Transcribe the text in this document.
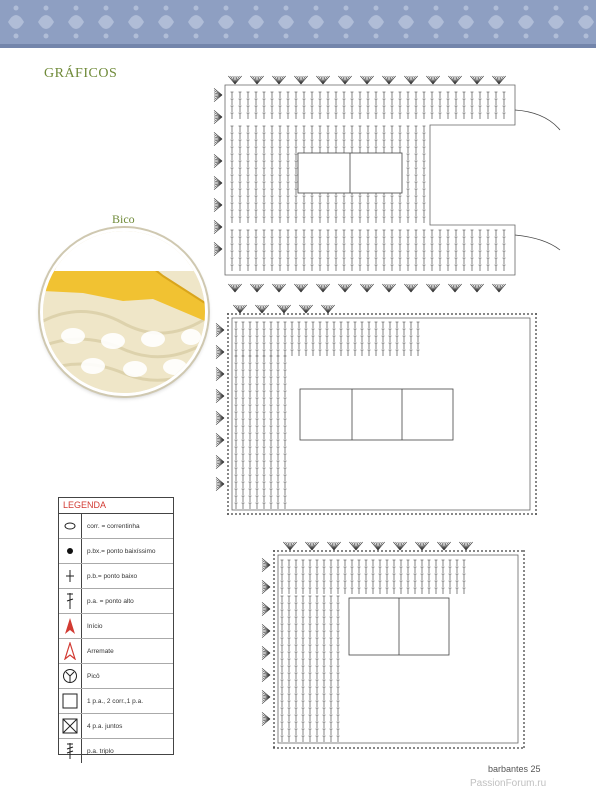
GRÁFICOS
Bico
LEGENDA
corr. = correntinha
p.bx.= ponto baixíssimo
p.b.= ponto baixo
p.a. = ponto alto
Início
Arremate
Picô
1 p.a., 2 corr.,1 p.a.
4 p.a. juntos
p.a. triplo
barbantes 25
PassionForum.ru
